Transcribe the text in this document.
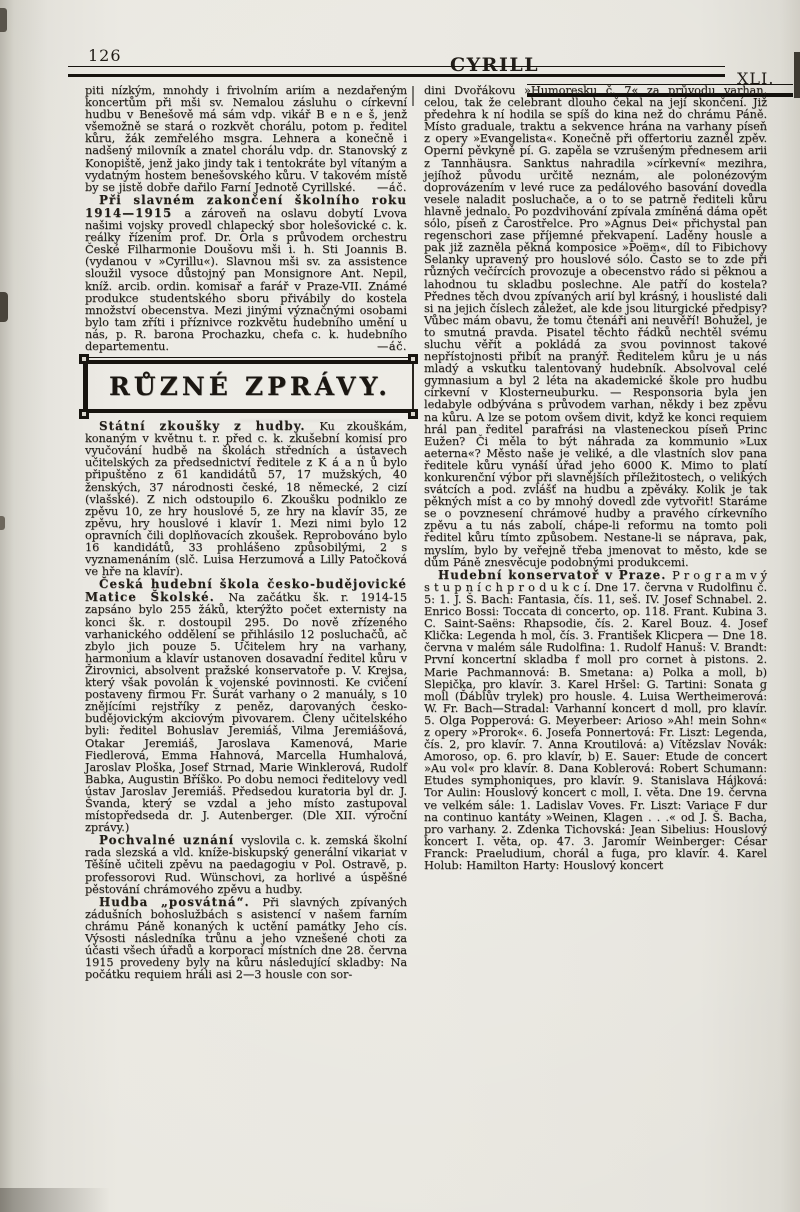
126	CYRILL
XLI.

piti nízkým, mnohdy i frivolním ariím a nezdařeným koncertům při mši sv. Nemalou zásluhu o církevní hudbu v Benešově má sám vdp. vikář B e n e š, jenž všemožně se stará o rozkvět chorálu, potom p. ředitel kůru, žák zemřelého msgra. Lehnera a konečně i nadšený milovník a znatel chorálu vdp. dr. Stanovský z Konopiště, jenž jako jindy tak i tentokráte byl vítaným a vydatným hostem benešovského kůru. V takovém místě by se jistě dobře dařilo Farní Jednotě Cyrillské. —áč.

Při slavném zakončení školního roku 1914—1915 a zároveň na oslavu dobytí Lvova našimi vojsky provedl chlapecký sbor holešovické c. k. reálky řízením prof. Dr. Orla s průvodem orchestru České Filharmonie Doušovu mši i. h. Sti Joannis B. (vydanou v »Cyrillu«). Slavnou mši sv. za assistence sloužil vysoce důstojný pan Monsignore Ant. Nepil, kníž. arcib. ordin. komisař a farář v Praze-VII. Známé produkce studentského sboru přivábily do kostela množství obecenstva. Mezi jinými význačnými osobami bylo tam zříti i příznivce rozkvětu hudebního umění u nás, p. R. barona Prochazku, chefa c. k. hudebního departementu.	—áč.

RŮZNÉ ZPRÁVY.

Státní zkoušky z hudby. Ku zkouškám, konaným v květnu t. r. před c. k. zkušební komisí pro vyučování hudbě na školách středních a ústavech učitelských za předsednictví ředitele z K á a n ů bylo připuštěno z 61 kandidátů 57, 17 mužských, 40 ženských, 37 národnosti české, 18 německé, 2 cizí (vlašské). Z nich odstoupilo 6. Zkoušku podniklo ze zpěvu 10, ze hry houslové 5, ze hry na klavír 35, ze zpěvu, hry houslové i klavír 1. Mezi nimi bylo 12 opravních čili doplňovacích zkoušek. Reprobováno bylo 16 kandidátů, 33 prohlášeno způsobilými, 2 s vyznamenáním (slč. Luisa Herzumová a Lilly Patočková ve hře na klavír).

Česká hudební škola česko-budějovické Matice Školské. Na začátku šk. r. 1914-15 zapsáno bylo 255 žáků, kterýžto počet externisty na konci šk. r. dostoupil 295. Do nově zřízeného varhanického oddělení se přihlásilo 12 posluchačů, ač zbylo jich pouze 5. Učitelem hry na varhany, harmonium a klavír ustanoven dosavadní ředitel kůru v Žirovnici, absolvent pražské konservatoře p. V. Krejsa, který však povolán k vojenské povinnosti. Ke cvičení postaveny firmou Fr. Šurát varhany o 2 manuály, s 10 znějícími rejstříky z peněz, darovaných česko-budějovickým akciovým pivovarem. Členy učitelského byli: ředitel Bohuslav Jeremiáš, Vilma Jeremiášová, Otakar Jeremiáš, Jaroslava Kamenová, Marie Fiedlerová, Emma Hahnová, Marcella Humhalová, Jaroslav Ploška, Josef Strnad, Marie Winklerová, Rudolf Babka, Augustin Bříško. Po dobu nemoci ředitelovy vedl ústav Jaroslav Jeremiáš. Předsedou kuratoria byl dr. J. Švanda, který se vzdal a jeho místo zastupoval místopředseda dr. J. Autenberger. (Dle XII. výroční zprávy.)

Pochvalné uznání vyslovila c. k. zemská školní rada slezská a vld. kníže-biskupský generální vikariat v Těšíně učiteli zpěvu na paedagogiu v Pol. Ostravě, p. professorovi Rud. Wünschovi, za horlivé a úspěšné pěstování chrámového zpěvu a hudby.

Hudba „posvátná“. Při slavných zpívaných zádušních bohoslužbách s asistencí v našem farním chrámu Páně konaných k uctění památky Jeho cís. Výsosti následníka trůnu a jeho vznešené choti za účasti všech úřadů a korporací místních dne 28. června 1915 provedeny byly na kůru následující skladby: Na počátku requiem hráli asi 2—3 housle con sor-

dini Dvořákovu »Humoresku č. 7« za průvodu varhan, celou, tak že celebrant dlouho čekal na její skončení. Již předehra k ní hodila se spíš do kina než do chrámu Páně. Místo graduale, traktu a sekvence hrána na varhany píseň z opery »Evangelista«. Konečně při offertoriu zazněl zpěv. Operní pěvkyně pí. G. zapěla se vzrušeným přednesem arii z Tannhäusra. Sanktus nahradila »církevní« mezihra, jejíhož původu určitě neznám, ale polonézovým doprovázením v levé ruce za pedálového basování dovedla vesele naladit posluchače, a o to se patrně řediteli kůru hlavně jednalo. Po pozdvihování zpívala zmíněná dáma opět sólo, píseň z Čarostřelce. Pro »Agnus Dei« přichystal pan regenschori zase příjemné překvapení. Laděny housle a pak již zazněla pěkná komposice »Poëm«, díl to Fibichovy Selanky upravený pro houslové sólo. Často se to zde při různých večírcích provozuje a obecenstvo rádo si pěknou a lahodnou tu skladbu poslechne. Ale patří do kostela? Přednes těch dvou zpívaných arií byl krásný, i houslisté dali si na jejich číslech záležet, ale kde jsou liturgické předpisy? Vůbec mám obavu, že tomu čtenáři ani neuvěří! Bohužel, je to smutná pravda. Pisatel těchto řádků nechtěl svému sluchu věřit a pokládá za svou povinnost takové nepřístojnosti přibít na pranýř. Ředitelem kůru je u nás mladý a vskutku talentovaný hudebník. Absolvoval celé gymnasium a byl 2 léta na akademické škole pro hudbu církevní v Klosterneuburku. — Responsoria byla jen ledabyle odbývána s průvodem varhan, někdy i bez zpěvu na kůru. A lze se potom ovšem divit, když ke konci requiem hrál pan ředitel parafrási na vlasteneckou píseň Princ Eužen? Či měla to být náhrada za kommunio »Lux aeterna«? Město naše je veliké, a dle vlastních slov pana ředitele kůru vynáší úřad jeho 6000 K. Mimo to platí konkurenční výbor při slavnějších příležitostech, o velikých svátcích a pod. zvlášť na hudbu a zpěváky. Kolik je tak pěkných míst a co by mnohý dovedl zde vytvořit! Staráme se o povznesení chrámové hudby a pravého církevního zpěvu a tu nás zabolí, chápe-li reformu na tomto poli ředitel kůru tímto způsobem. Nestane-li se náprava, pak, myslím, bylo by veřejně třeba jmenovat to město, kde se dům Páně znesvěcuje podobnými produkcemi.

Hudební konservatoř v Praze. P r o g r a m v ý s t u p n í c h p r o d u k c í. Dne 17. června v Rudolfinu č. 5: 1. J. Š. Bach: Fantasia, čís. 11, seš. IV. Josef Schnabel. 2. Enrico Bossi: Toccata di concerto, op. 118. Frant. Kubina 3. C. Saint-Saëns: Rhapsodie, čís. 2. Karel Bouz. 4. Josef Klička: Legenda h mol, čís. 3. František Klicpera — Dne 18. června v malém sále Rudolfina: 1. Rudolf Hanuš: V. Brandt: První koncertní skladba f moll pro cornet à pistons. 2. Marie Pachmannová: B. Smetana: a) Polka a moll, b) Slepička, pro klavír. 3. Karel Hršel: G. Tartini: Sonata g moll (Ďáblův trylek) pro housle. 4. Luisa Wertheimerová: W. Fr. Bach—Stradal: Varhanní koncert d moll, pro klavír. 5. Olga Popperová: G. Meyerbeer: Arioso »Ah! mein Sohn« z opery »Prorok«. 6. Josefa Ponnertová: Fr. Liszt: Legenda, čís. 2, pro klavír. 7. Anna Kroutilová: a) Vítězslav Novák: Amoroso, op. 6. pro klavír, b) E. Sauer: Etude de concert »Au vol« pro klavír. 8. Dana Koblerová: Robert Schumann: Etudes symphoniques, pro klavír. 9. Stanislava Hájková: Tor Aulin: Houslový koncert c moll, I. věta. Dne 19. června ve velkém sále: 1. Ladislav Voves. Fr. Liszt: Variace F dur na continuo kantáty »Weinen, Klagen . . .« od J. Š. Bacha, pro varhany. 2. Zdenka Tichovská: Jean Sibelius: Houslový koncert I. věta, op. 47. 3. Jaromír Weinberger: César Franck: Praeludium, chorál a fuga, pro klavír. 4. Karel Holub: Hamilton Harty: Houslový koncert
